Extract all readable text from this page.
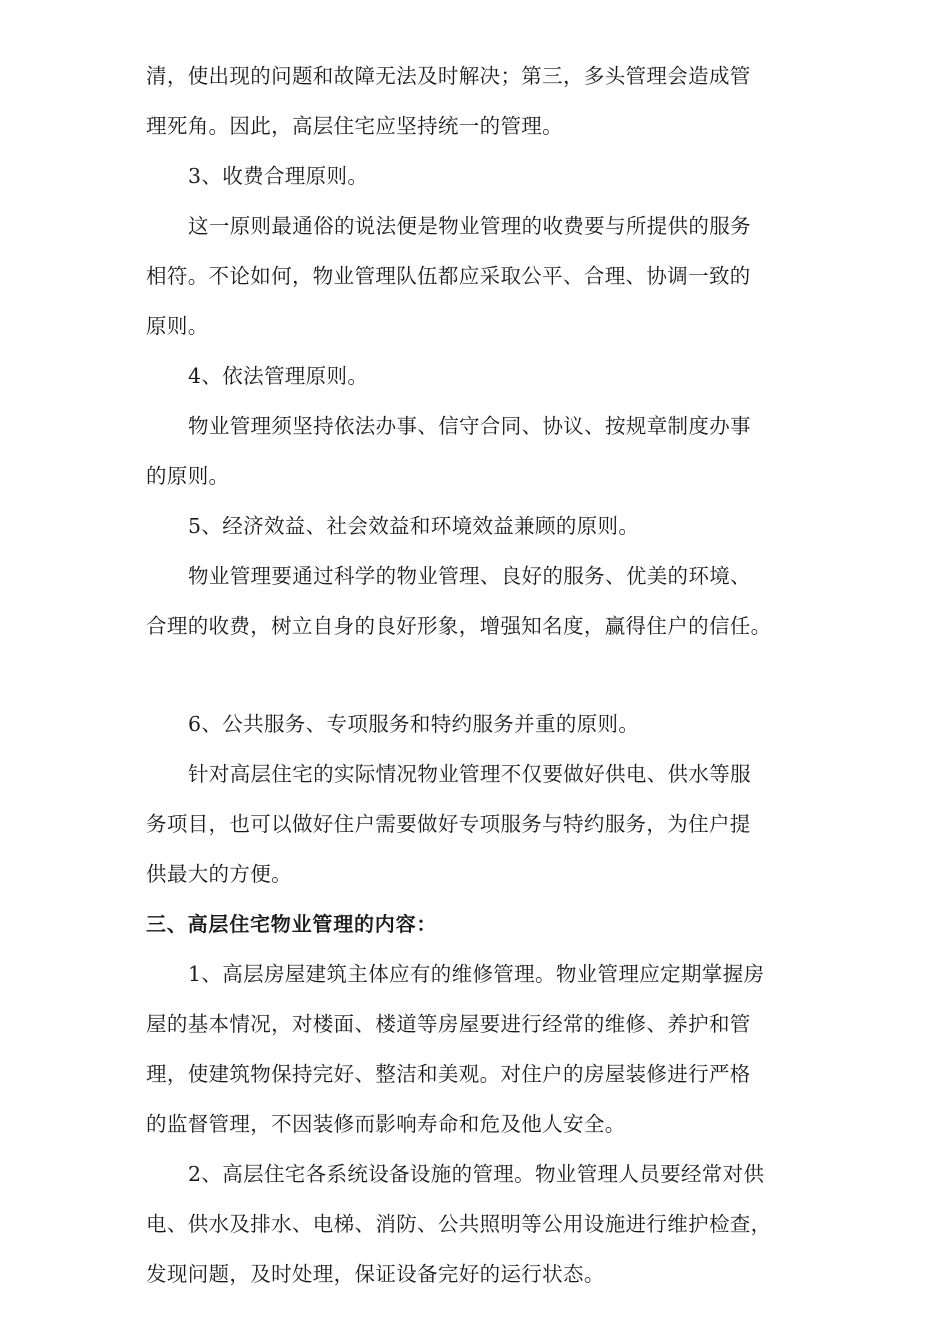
清，使出现的问题和故障无法及时解决；第三，多头管理会造成管
理死角。因此，高层住宅应坚持统一的管理。
3、收费合理原则。
这一原则最通俗的说法便是物业管理的收费要与所提供的服务
相符。不论如何，物业管理队伍都应采取公平、合理、协调一致的
原则。
4、依法管理原则。
物业管理须坚持依法办事、信守合同、协议、按规章制度办事
的原则。
5、经济效益、社会效益和环境效益兼顾的原则。
物业管理要通过科学的物业管理、良好的服务、优美的环境、
合理的收费，树立自身的良好形象，增强知名度，赢得住户的信任。
6、公共服务、专项服务和特约服务并重的原则。
针对高层住宅的实际情况物业管理不仅要做好供电、供水等服
务项目，也可以做好住户需要做好专项服务与特约服务，为住户提
供最大的方便。
三、高层住宅物业管理的内容：
1、高层房屋建筑主体应有的维修管理。物业管理应定期掌握房
屋的基本情况，对楼面、楼道等房屋要进行经常的维修、养护和管
理，使建筑物保持完好、整洁和美观。对住户的房屋装修进行严格
的监督管理，不因装修而影响寿命和危及他人安全。
2、高层住宅各系统设备设施的管理。物业管理人员要经常对供
电、供水及排水、电梯、消防、公共照明等公用设施进行维护检查，
发现问题，及时处理，保证设备完好的运行状态。
